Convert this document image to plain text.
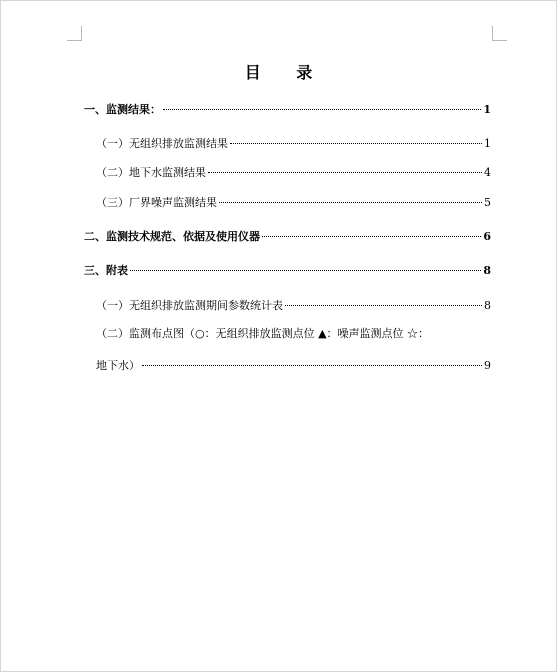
目 录
一、监测结果：	1
（一）无组织排放监测结果	1
（二）地下水监测结果	4
（三）厂界噪声监测结果	5
二、监测技术规范、依据及使用仪器	6
三、附表	8
（一）无组织排放监测期间参数统计表	8
（二）监测布点图（○：无组织排放监测点位 ▲：噪声监测点位 ☆：
地下水）	9
